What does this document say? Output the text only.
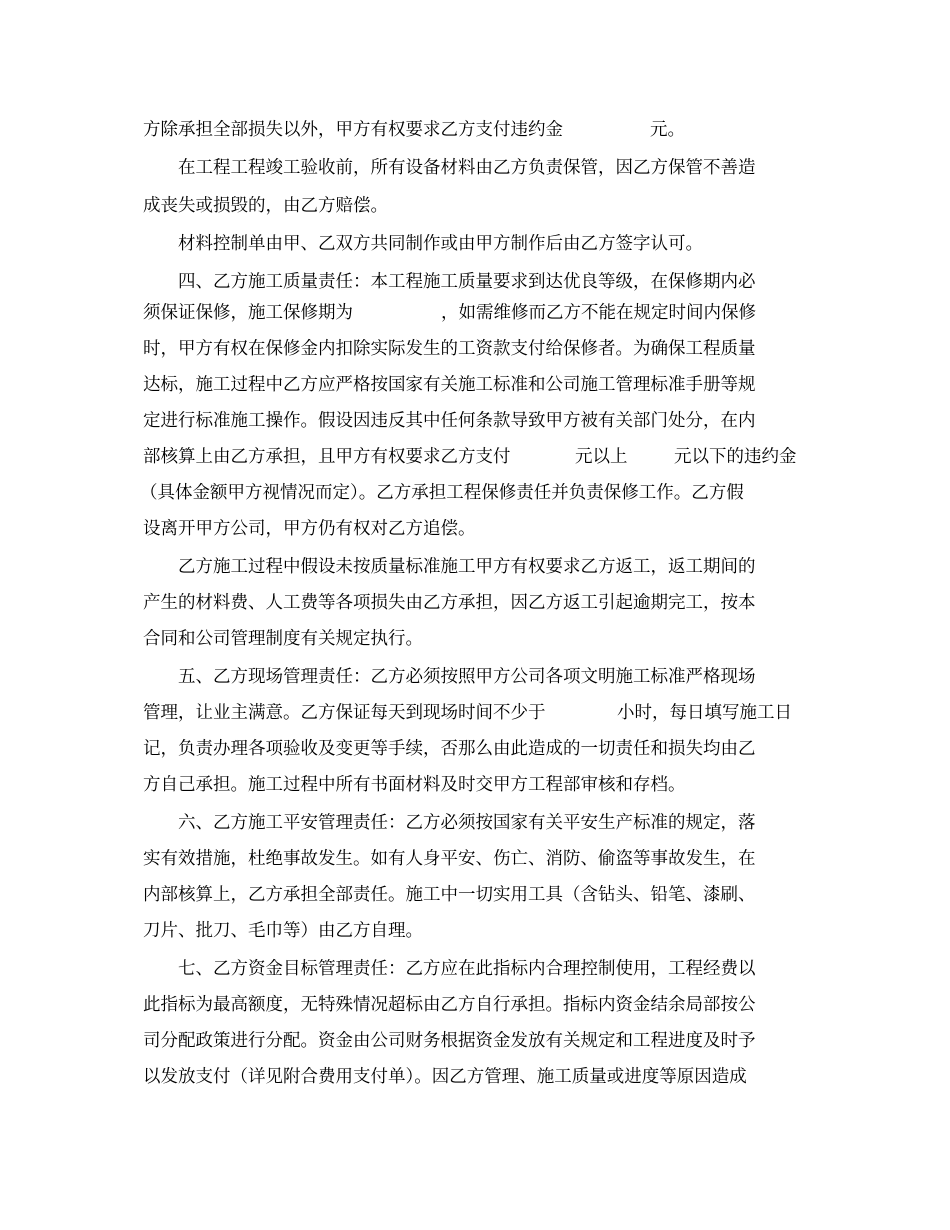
方除承担全部损失以外，甲方有权要求乙方支付违约金	元。
在工程工程竣工验收前，所有设备材料由乙方负责保管，因乙方保管不善造
成丧失或损毁的，由乙方赔偿。
材料控制单由甲、乙双方共同制作或由甲方制作后由乙方签字认可。
四、乙方施工质量责任：本工程施工质量要求到达优良等级，在保修期内必
须保证保修，施工保修期为	，如需维修而乙方不能在规定时间内保修
时，甲方有权在保修金内扣除实际发生的工资款支付给保修者。为确保工程质量
达标，施工过程中乙方应严格按国家有关施工标准和公司施工管理标准手册等规
定进行标准施工操作。假设因违反其中任何条款导致甲方被有关部门处分，在内
部核算上由乙方承担，且甲方有权要求乙方支付	元以上	元以下的违约金
（具体金额甲方视情况而定）。乙方承担工程保修责任并负责保修工作。乙方假
设离开甲方公司，甲方仍有权对乙方追偿。
乙方施工过程中假设未按质量标准施工甲方有权要求乙方返工，返工期间的
产生的材料费、人工费等各项损失由乙方承担，因乙方返工引起逾期完工，按本
合同和公司管理制度有关规定执行。
五、乙方现场管理责任：乙方必须按照甲方公司各项文明施工标准严格现场
管理，让业主满意。乙方保证每天到现场时间不少于	小时，每日填写施工日
记，负责办理各项验收及变更等手续，否那么由此造成的一切责任和损失均由乙
方自己承担。施工过程中所有书面材料及时交甲方工程部审核和存档。
六、乙方施工平安管理责任：乙方必须按国家有关平安生产标准的规定，落
实有效措施，杜绝事故发生。如有人身平安、伤亡、消防、偷盗等事故发生，在
内部核算上，乙方承担全部责任。施工中一切实用工具（含钻头、铅笔、漆刷、
刀片、批刀、毛巾等）由乙方自理。
七、乙方资金目标管理责任：乙方应在此指标内合理控制使用，工程经费以
此指标为最高额度，无特殊情况超标由乙方自行承担。指标内资金结余局部按公
司分配政策进行分配。资金由公司财务根据资金发放有关规定和工程进度及时予
以发放支付（详见附合费用支付单）。因乙方管理、施工质量或进度等原因造成
